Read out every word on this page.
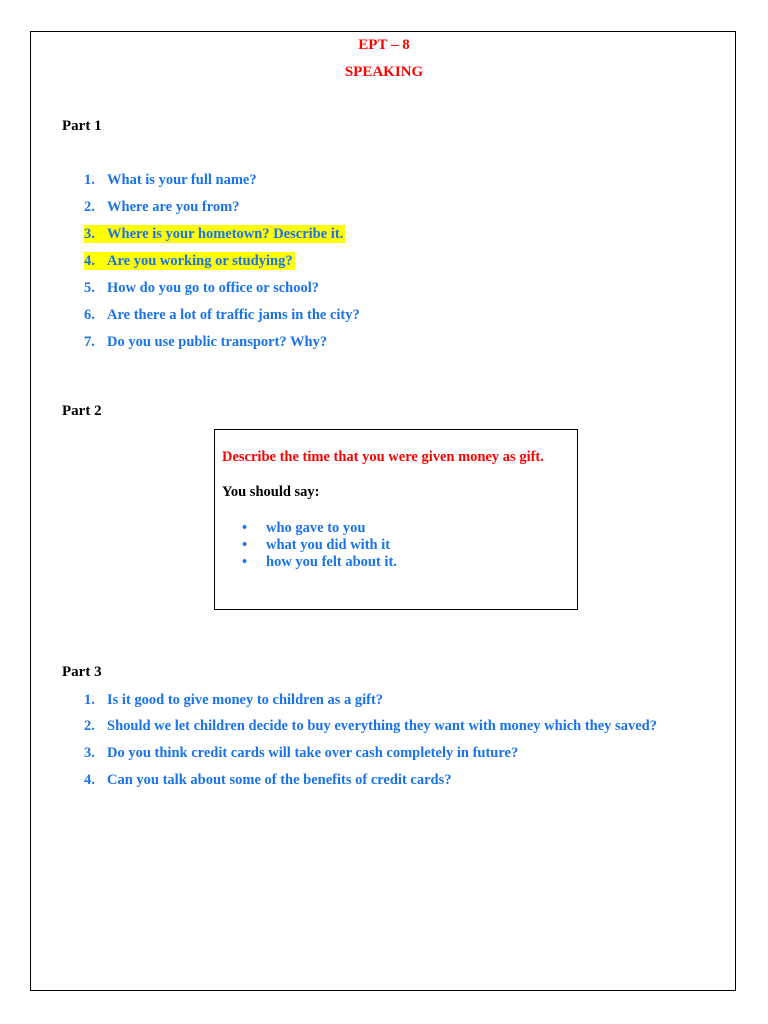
EPT – 8
SPEAKING
Part 1
1. What is your full name?
2. Where are you from?
3. Where is your hometown? Describe it.
4. Are you working or studying?
5. How do you go to office or school?
6. Are there a lot of traffic jams in the city?
7. Do you use public transport? Why?
Part 2
Describe the time that you were given money as gift.
You should say:
• who gave to you
• what you did with it
• how you felt about it.
Part 3
1. Is it good to give money to children as a gift?
2. Should we let children decide to buy everything they want with money which they saved?
3. Do you think credit cards will take over cash completely in future?
4. Can you talk about some of the benefits of credit cards?
